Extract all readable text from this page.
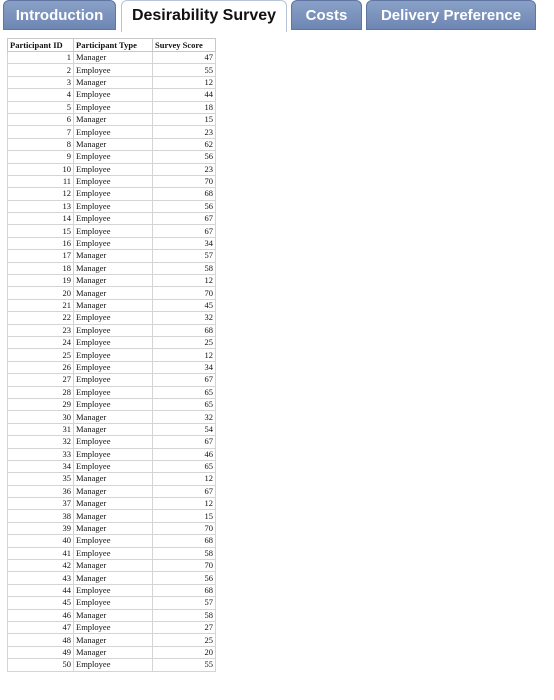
Introduction	Desirability Survey	Costs	Delivery Preference
Participant ID	Participant Type	Survey Score
1	Manager	47
2	Employee	55
3	Manager	12
4	Employee	44
5	Employee	18
6	Manager	15
7	Employee	23
8	Manager	62
9	Employee	56
10	Employee	23
11	Employee	70
12	Employee	68
13	Employee	56
14	Employee	67
15	Employee	67
16	Employee	34
17	Manager	57
18	Manager	58
19	Manager	12
20	Manager	70
21	Manager	45
22	Employee	32
23	Employee	68
24	Employee	25
25	Employee	12
26	Employee	34
27	Employee	67
28	Employee	65
29	Employee	65
30	Manager	32
31	Manager	54
32	Employee	67
33	Employee	46
34	Employee	65
35	Manager	12
36	Manager	67
37	Manager	12
38	Manager	15
39	Manager	70
40	Employee	68
41	Employee	58
42	Manager	70
43	Manager	56
44	Employee	68
45	Employee	57
46	Manager	58
47	Employee	27
48	Manager	25
49	Manager	20
50	Employee	55
